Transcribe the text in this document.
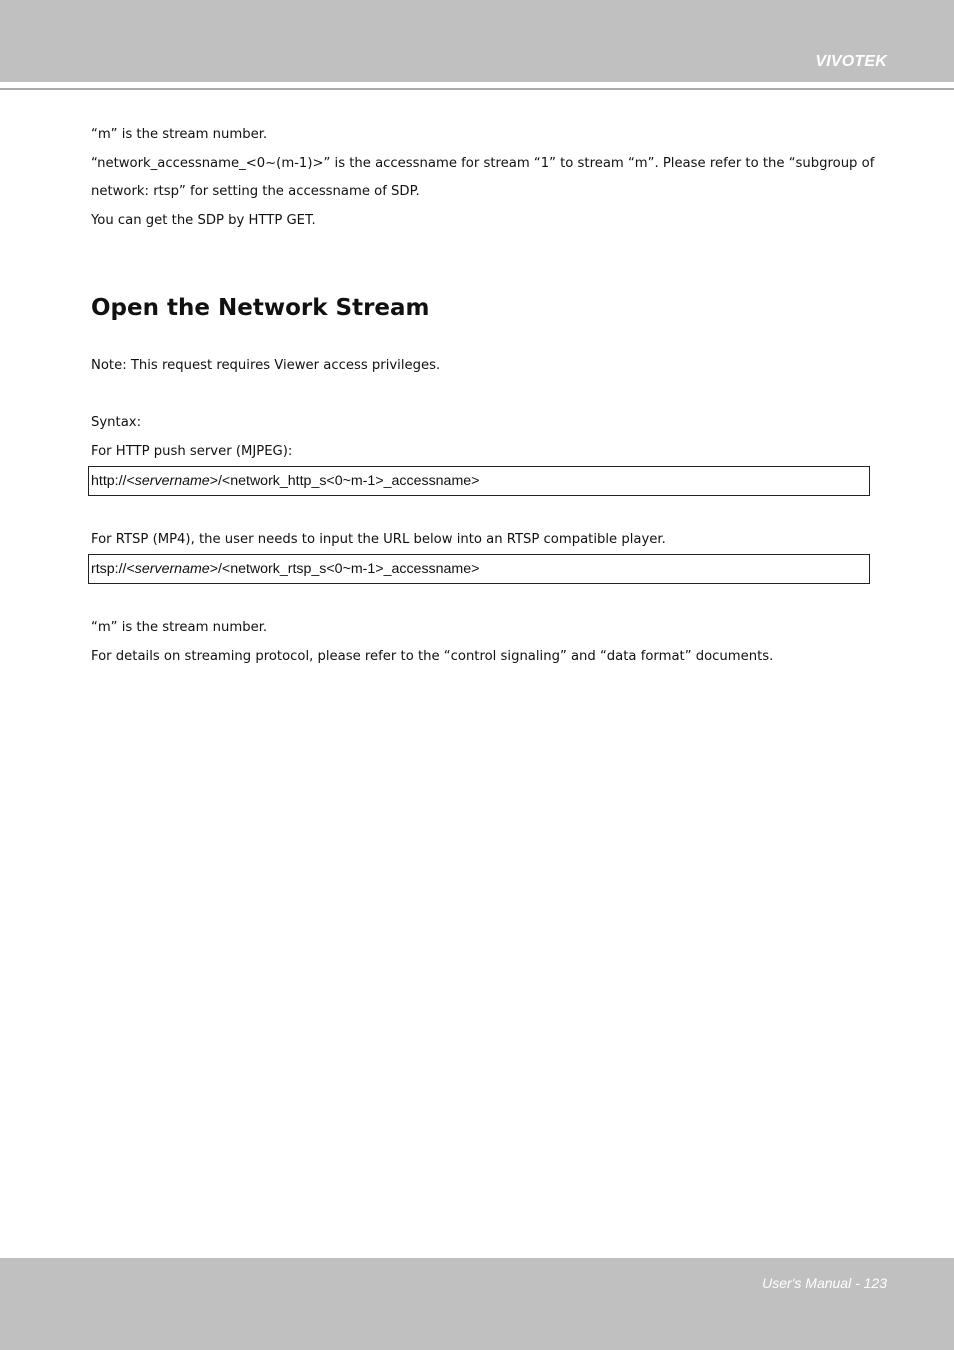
VIVOTEK
“m” is the stream number.
“network_accessname_<0~(m-1)>” is the accessname for stream “1” to stream “m”. Please refer to the “subgroup of
network: rtsp” for setting the accessname of SDP.
You can get the SDP by HTTP GET.
Open the Network Stream
Note: This request requires Viewer access privileges.
Syntax:
For HTTP push server (MJPEG):
http://<servername>/<network_http_s<0~m-1>_accessname>
For RTSP (MP4), the user needs to input the URL below into an RTSP compatible player.
rtsp://<servername>/<network_rtsp_s<0~m-1>_accessname>
“m” is the stream number.
For details on streaming protocol, please refer to the “control signaling” and “data format” documents.
User's Manual - 123
